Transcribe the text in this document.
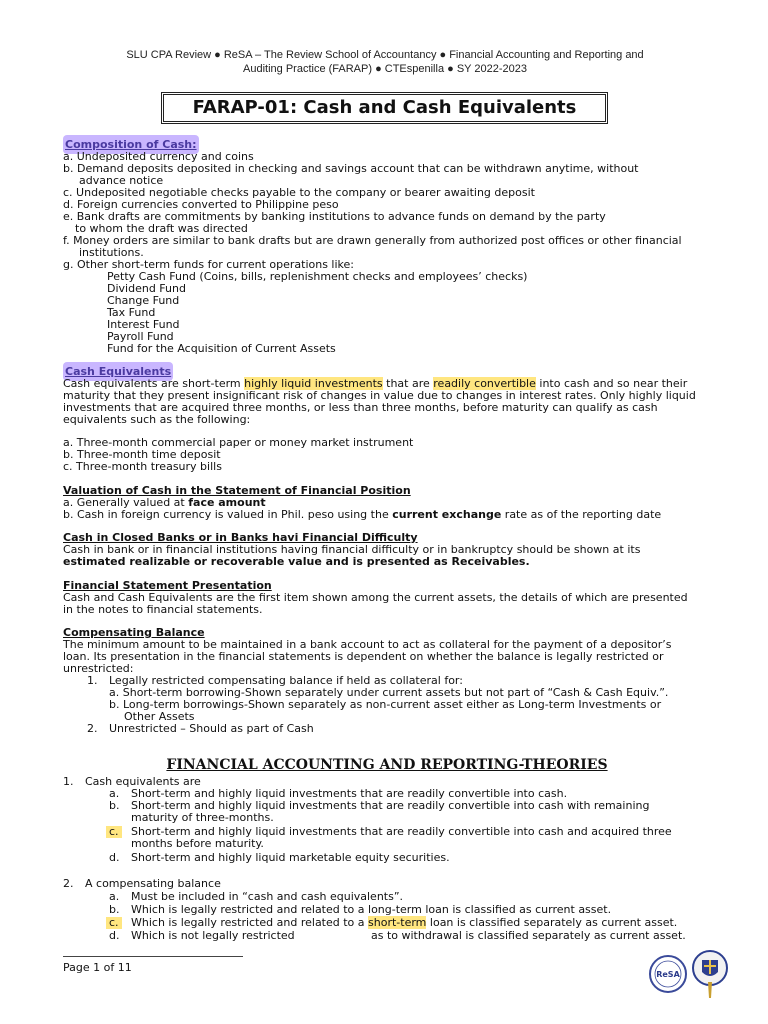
SLU CPA Review ● ReSA – The Review School of Accountancy ● Financial Accounting and Reporting and
Auditing Practice (FARAP) ● CTEspenilla ● SY 2022-2023
FARAP-01: Cash and Cash Equivalents
Composition of Cash:
a. Undeposited currency and coins
b. Demand deposits deposited in checking and savings account that can be withdrawn anytime, without
advance notice
c. Undeposited negotiable checks payable to the company or bearer awaiting deposit
d. Foreign currencies converted to Philippine peso
e. Bank drafts are commitments by banking institutions to advance funds on demand by the party
to whom the draft was directed
f. Money orders are similar to bank drafts but are drawn generally from authorized post offices or other financial
institutions.
g. Other short-term funds for current operations like:
Petty Cash Fund (Coins, bills, replenishment checks and employees’ checks)
Dividend Fund
Change Fund
Tax Fund
Interest Fund
Payroll Fund
Fund for the Acquisition of Current Assets
Cash Equivalents
Cash equivalents are short-term highly liquid investments that are readily convertible into cash and so near their
maturity that they present insignificant risk of changes in value due to changes in interest rates. Only highly liquid
investments that are acquired three months, or less than three months, before maturity can qualify as cash
equivalents such as the following:
a. Three-month commercial paper or money market instrument
b. Three-month time deposit
c. Three-month treasury bills
Valuation of Cash in the Statement of Financial Position
a. Generally valued at face amount
b. Cash in foreign currency is valued in Phil. peso using the current exchange rate as of the reporting date
Cash in Closed Banks or in Banks havi Financial Difficulty
Cash in bank or in financial institutions having financial difficulty or in bankruptcy should be shown at its
estimated realizable or recoverable value and is presented as Receivables.
Financial Statement Presentation
Cash and Cash Equivalents are the first item shown among the current assets, the details of which are presented
in the notes to financial statements.
Compensating Balance
The minimum amount to be maintained in a bank account to act as collateral for the payment of a depositor’s
loan. Its presentation in the financial statements is dependent on whether the balance is legally restricted or
unrestricted:
1. Legally restricted compensating balance if held as collateral for:
a. Short-term borrowing-Shown separately under current assets but not part of “Cash & Cash Equiv.”.
b. Long-term borrowings-Shown separately as non-current asset either as Long-term Investments or
Other Assets
2. Unrestricted – Should as part of Cash
FINANCIAL ACCOUNTING AND REPORTING-THEORIES
1. Cash equivalents are
a. Short-term and highly liquid investments that are readily convertible into cash.
b. Short-term and highly liquid investments that are readily convertible into cash with remaining
maturity of three-months.
c. Short-term and highly liquid investments that are readily convertible into cash and acquired three
months before maturity.
d. Short-term and highly liquid marketable equity securities.
2. A compensating balance
a. Must be included in “cash and cash equivalents”.
b. Which is legally restricted and related to a long-term loan is classified as current asset.
c. Which is legally restricted and related to a short-term loan is classified separately as current asset.
d. Which is not legally restricted	as to withdrawal is classified separately as current asset.
Page 1 of 11
ReSA
